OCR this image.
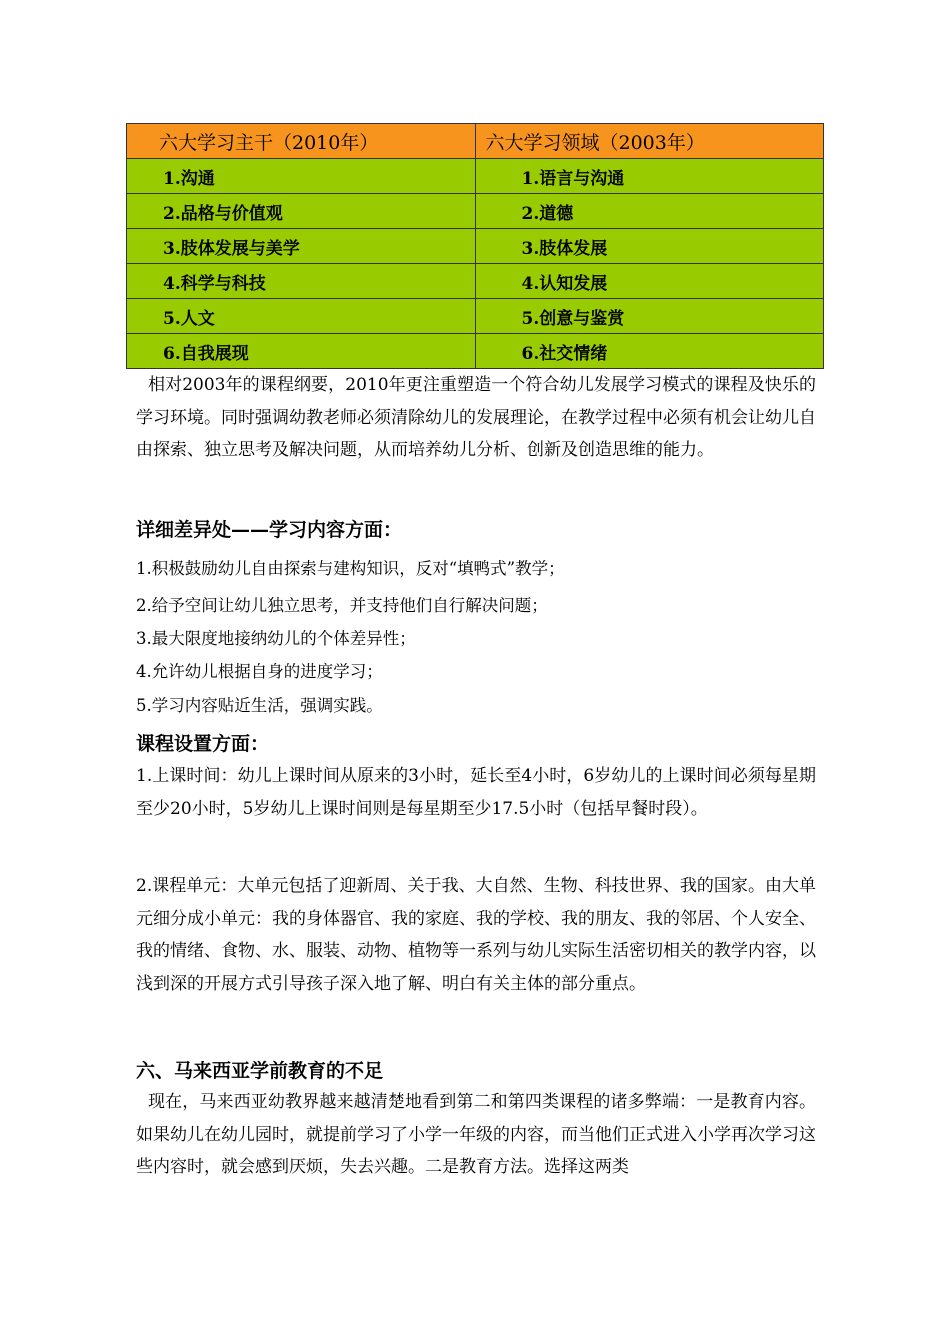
六大学习主干（2010年）	六大学习领域（2003年）
1.沟通	1.语言与沟通
2.品格与价值观	2.道德
3.肢体发展与美学	3.肢体发展
4.科学与科技	4.认知发展
5.人文	5.创意与鉴赏
6.自我展现	6.社交情绪
相对2003年的课程纲要，2010年更注重塑造一个符合幼儿发展学习模式的课程及快乐的学习环境。同时强调幼教老师必须清除幼儿的发展理论，在教学过程中必须有机会让幼儿自由探索、独立思考及解决问题，从而培养幼儿分析、创新及创造思维的能力。
详细差异处——学习内容方面：
1.积极鼓励幼儿自由探索与建构知识，反对“填鸭式”教学；
2.给予空间让幼儿独立思考，并支持他们自行解决问题；
3.最大限度地接纳幼儿的个体差异性；
4.允许幼儿根据自身的进度学习；
5.学习内容贴近生活，强调实践。
课程设置方面：
1.上课时间：幼儿上课时间从原来的3小时，延长至4小时，6岁幼儿的上课时间必须每星期至少20小时，5岁幼儿上课时间则是每星期至少17.5小时（包括早餐时段）。
2.课程单元：大单元包括了迎新周、关于我、大自然、生物、科技世界、我的国家。由大单元细分成小单元：我的身体器官、我的家庭、我的学校、我的朋友、我的邻居、个人安全、我的情绪、食物、水、服装、动物、植物等一系列与幼儿实际生活密切相关的教学内容，以浅到深的开展方式引导孩子深入地了解、明白有关主体的部分重点。
六、马来西亚学前教育的不足
现在，马来西亚幼教界越来越清楚地看到第二和第四类课程的诸多弊端：一是教育内容。如果幼儿在幼儿园时，就提前学习了小学一年级的内容，而当他们正式进入小学再次学习这些内容时，就会感到厌烦，失去兴趣。二是教育方法。选择这两类
